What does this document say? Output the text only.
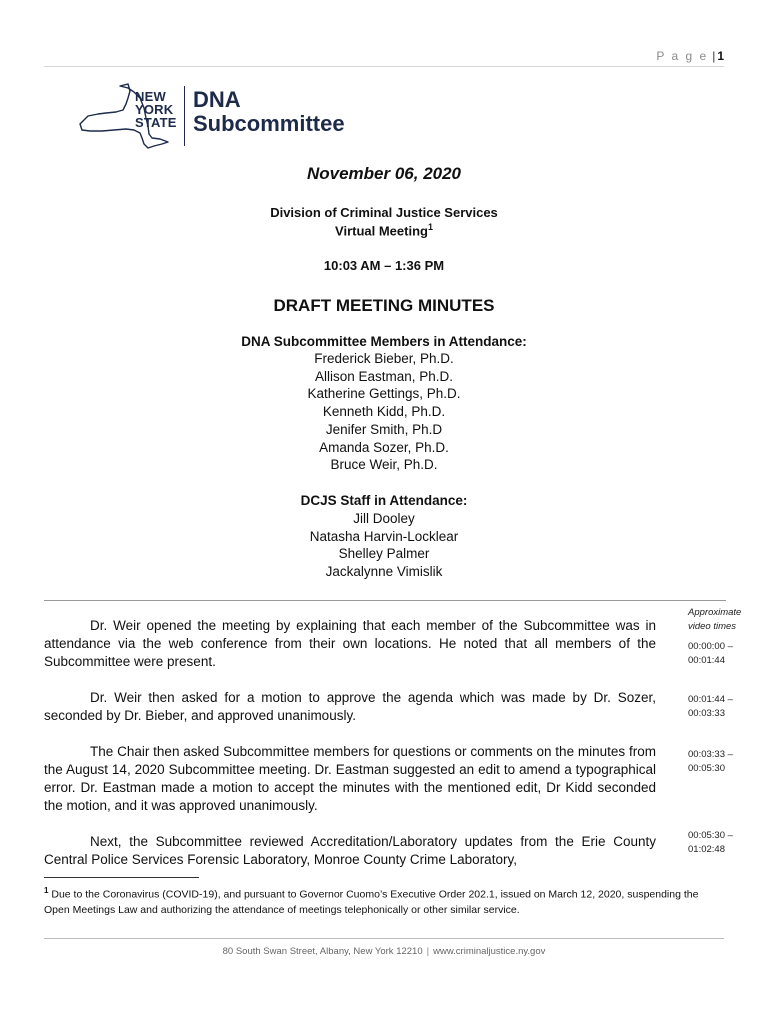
P a g e | 1
NEW
YORK
STATE
DNA
Subcommittee
November 06, 2020
Division of Criminal Justice Services
Virtual Meeting$^1$
10:03 AM – 1:36 PM
DRAFT MEETING MINUTES
DNA Subcommittee Members in Attendance:
Frederick Bieber, Ph.D.
Allison Eastman, Ph.D.
Katherine Gettings, Ph.D.
Kenneth Kidd, Ph.D.
Jenifer Smith, Ph.D
Amanda Sozer, Ph.D.
Bruce Weir, Ph.D.
DCJS Staff in Attendance:
Jill Dooley
Natasha Harvin-Locklear
Shelley Palmer
Jackalynne Vimislik
Approximate
video times
Dr. Weir opened the meeting by explaining that each member of the Subcommittee was in attendance via the web conference from their own locations. He noted that all members of the Subcommittee were present.
00:00:00 –
00:01:44
Dr. Weir then asked for a motion to approve the agenda which was made by Dr. Sozer, seconded by Dr. Bieber, and approved unanimously.
00:01:44 –
00:03:33
The Chair then asked Subcommittee members for questions or comments on the minutes from the August 14, 2020 Subcommittee meeting. Dr. Eastman suggested an edit to amend a typographical error. Dr. Eastman made a motion to accept the minutes with the mentioned edit, Dr Kidd seconded the motion, and it was approved unanimously.
00:03:33 –
00:05:30
Next, the Subcommittee reviewed Accreditation/Laboratory updates from the Erie County Central Police Services Forensic Laboratory, Monroe County Crime Laboratory,
00:05:30 –
01:02:48
$^1$ Due to the Coronavirus (COVID-19), and pursuant to Governor Cuomo’s Executive Order 202.1, issued on March 12, 2020, suspending the Open Meetings Law and authorizing the attendance of meetings telephonically or other similar service.
80 South Swan Street, Albany, New York 12210 | www.criminaljustice.ny.gov
